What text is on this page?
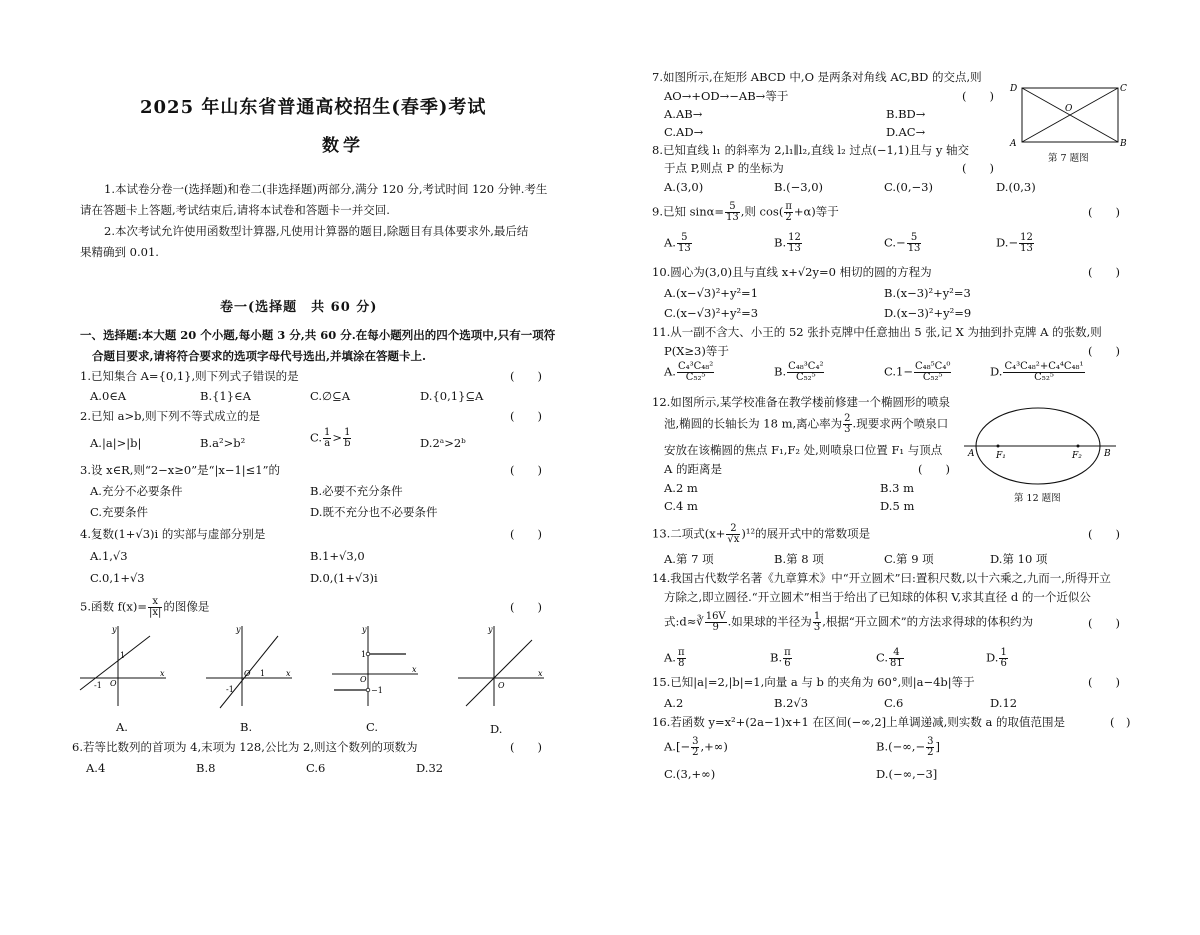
2025 年山东省普通高校招生(春季)考试
数学
1.本试卷分卷一(选择题)和卷二(非选择题)两部分,满分 120 分,考试时间 120 分钟.考生
请在答题卡上答题,考试结束后,请将本试卷和答题卡一并交回.
2.本次考试允许使用函数型计算器,凡使用计算器的题目,除题目有具体要求外,最后结
果精确到 0.01.
卷一(选择题　共 60 分)
一、选择题:本大题 20 个小题,每小题 3 分,共 60 分.在每小题列出的四个选项中,只有一项符
合题目要求,请将符合要求的选项字母代号选出,并填涂在答题卡上.
1.已知集合 A={0,1},则下列式子错误的是	(　　)
A.0∈A	B.{1}∈A	C.∅⊆A	D.{0,1}⊆A
2.已知 a>b,则下列不等式成立的是	(　　)
A.|a|>|b|	B.a²>b²	C. $\frac{1}{a} > \frac{1}{b}$	D.2ᵃ>2ᵇ
3.设 x∈R,则“2−x≥0”是“|x−1|≤1”的	(　　)
A.充分不必要条件	B.必要不充分条件
C.充要条件	D.既不充分也不必要条件
4.复数(1+√3)i 的实部与虚部分别是	(　　)
A.1,√3	B.1+√3,0
C.0,1+√3	D.0,(1+√3)i
5.函数 $f(x)= \frac{x}{|x|}$ 的图像是	(　　)
y
x
O
1
-1
A.
y
x
O 1
-1
B.
y
x
O
1
−1
C.
y
x
O
D.
6.若等比数列的首项为 4,末项为 128,公比为 2,则这个数列的项数为	(　　)
A.4	B.8	C.6	D.32
7.如图所示,在矩形 ABCD 中,O 是两条对角线 AC,BD 的交点,则
AO→+OD→−AB→等于	(　　)
A.AB→	B.BD→
C.AD→	D.AC→
D	C
A	B
O
第 7 题图
8.已知直线 l₁ 的斜率为 2,l₁∥l₂,直线 l₂ 过点(−1,1)且与 y 轴交
于点 P,则点 P 的坐标为	(　　)
A.(3,0)	B.(−3,0)	C.(0,−3)	D.(0,3)
9.已知 $\sin\alpha= \frac{5}{13}$ ,则 $\cos( \frac{\pi}{2} +\alpha)$等于	(　　)
A. $\frac{5}{13}$	B. $\frac{12}{13}$	$C.- \frac{5}{13}$	$D.- \frac{12}{13}$
10.圆心为(3,0)且与直线 x+√2y=0 相切的圆的方程为	(　　)
A.(x−√3)²+y²=1	B.(x−3)²+y²=3
C.(x−√3)²+y²=3	D.(x−3)²+y²=9
11.从一副不含大、小王的 52 张扑克牌中任意抽出 5 张,记 X 为抽到扑克牌 A 的张数,则
P(X≥3)等于	(　　)
A. $\frac{\text{C₄³C₄₈²}}{\text{C₅₂⁵}}$	B. $\frac{\text{C₄₈³C₄²}}{\text{C₅₂⁵}}$	$C.1- \frac{\text{C₄₈⁵C₄⁰}}{\text{C₅₂⁵}}$	D. $\frac{\text{C₄³C₄₈²+C₄⁴C₄₈¹}}{\text{C₅₂⁵}}$
12.如图所示,某学校准备在教学楼前修建一个椭圆形的喷泉
池,椭圆的长轴长为 18 m,离心率为 $\frac{2}{3}$ .现要求两个喷泉口
安放在该椭圆的焦点 F₁,F₂ 处,则喷泉口位置 F₁ 与顶点
A 的距离是	(　　)
A.2 m	B.3 m
C.4 m	D.5 m
A	B
F₁	F₂
第 12 题图
13.二项式$(x+ \frac{2}{√x} )^{12}$的展开式中的常数项是	(　　)
A.第 7 项	B.第 8 项	C.第 9 项	D.第 10 项
14.我国古代数学名著《九章算术》中“开立圆术”曰:置积尺数,以十六乘之,九而一,所得开立
方除之,即立圆径.“开立圆术”相当于给出了已知球的体积 V,求其直径 d 的一个近似公
式:d≈∛ $\frac{16V}{9}$ .如果球的半径为 $\frac{1}{3}$ ,根据“开立圆术”的方法求得球的体积约为	(　　)
A. $\frac{\pi}{8}$	B. $\frac{\pi}{6}$	C. $\frac{4}{81}$	D. $\frac{1}{6}$
15.已知|a|=2,|b|=1,向量 a 与 b 的夹角为 60°,则|a−4b|等于	(　　)
A.2	B.2√3	C.6	D.12
16.若函数 y=x²+(2a−1)x+1 在区间(−∞,2]上单调递减,则实数 a 的取值范围是	(　)
$A.[- \frac{3}{2}$ ,+∞)	$B.(-\infty,- \frac{3}{2}$ ]
C.(3,+∞)	D.(−∞,−3]
